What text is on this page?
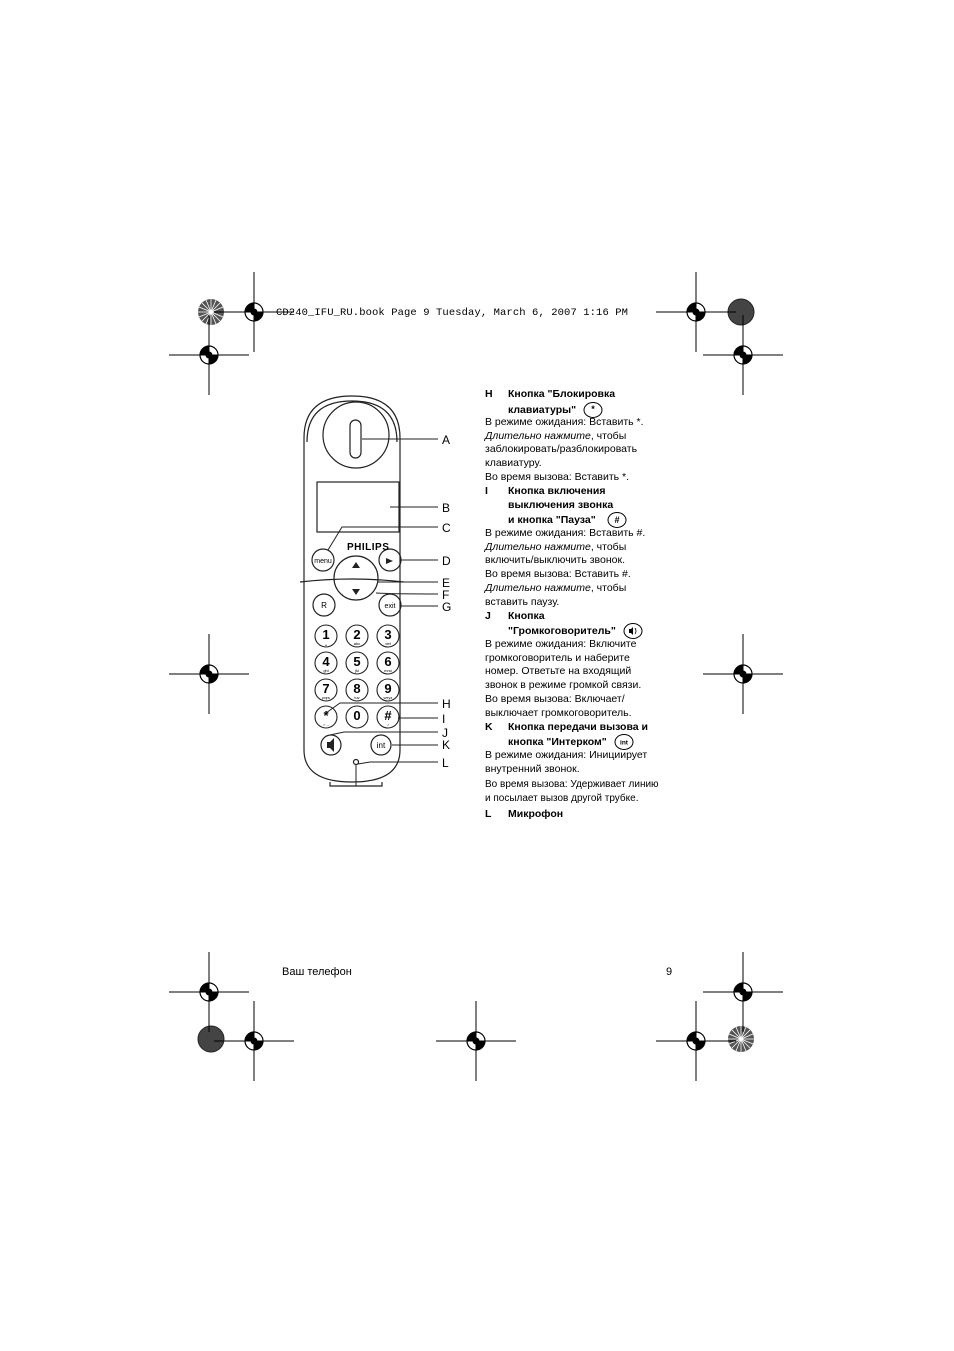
CD240_IFU_RU.book Page 9 Tuesday, March 6, 2007 1:16 PM
PHILIPS
menu
exit
R
int
1
␣
2
abc
3
def
4
ghi
5
jkl
6
mno
7
pqrs
8
tuv
9
wxyz
*
○→
0 #
♪
A
B
C
D
E
F
G
H
I
J
K
L
H Кнопка "Блокировка
клавиатуры" *
В режиме ожидания: Вставить *.
Длительно нажмите, чтобы
заблокировать/разблокировать
клавиатуру.
Во время вызова: Вставить *.
I Кнопка включения
выключения звонка
и кнопка "Пауза" #
В режиме ожидания: Вставить #.
Длительно нажмите, чтобы
включить/выключить звонок.
Во время вызова: Вставить #.
Длительно нажмите, чтобы
вставить паузу.
J Кнопка
"Громкоговоритель"
В режиме ожидания: Включите
громкоговоритель и наберите
номер. Ответьте на входящий
звонок в режиме громкой связи.
Во время вызова: Включает/
выключает громкоговоритель.
K Кнопка передачи вызова и
кнопка "Интерком" int
В режиме ожидания: Инициирует
внутренний звонок.
Во время вызова: Удерживает линию
и посылает вызов другой трубке.
L Микрофон
Ваш телефон	9
